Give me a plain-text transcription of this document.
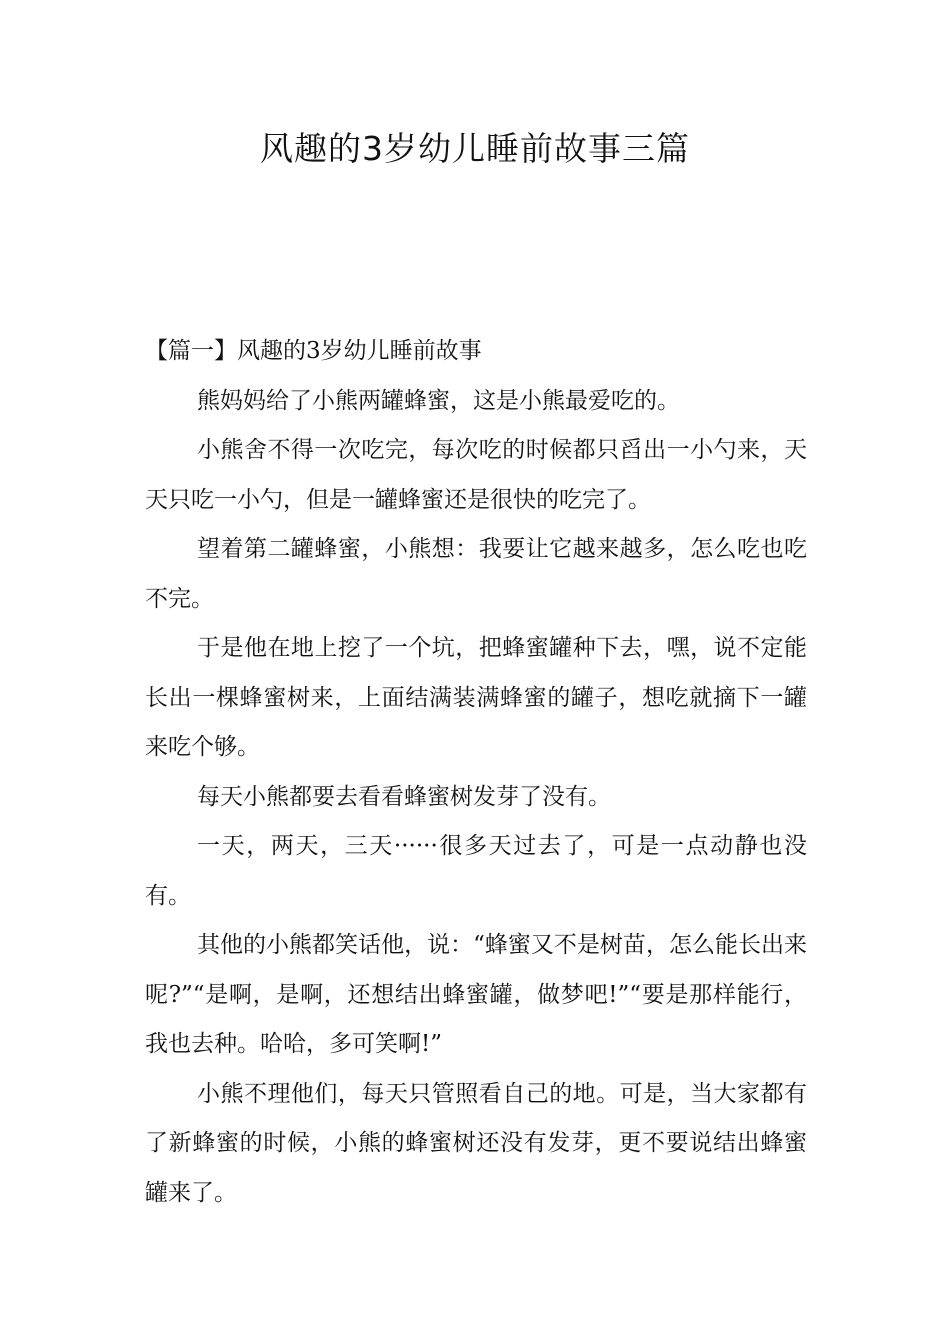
风趣的3岁幼儿睡前故事三篇
【篇一】风趣的3岁幼儿睡前故事

熊妈妈给了小熊两罐蜂蜜，这是小熊最爱吃的。

小熊舍不得一次吃完，每次吃的时候都只舀出一小勺来，天天只吃一小勺，但是一罐蜂蜜还是很快的吃完了。

望着第二罐蜂蜜，小熊想：我要让它越来越多，怎么吃也吃不完。

于是他在地上挖了一个坑，把蜂蜜罐种下去，嘿，说不定能长出一棵蜂蜜树来，上面结满装满蜂蜜的罐子，想吃就摘下一罐来吃个够。

每天小熊都要去看看蜂蜜树发芽了没有。

一天，两天，三天······很多天过去了，可是一点动静也没有。

其他的小熊都笑话他，说：“蜂蜜又不是树苗，怎么能长出来呢?”“是啊，是啊，还想结出蜂蜜罐，做梦吧!”“要是那样能行，我也去种。哈哈，多可笑啊!”

小熊不理他们，每天只管照看自己的地。可是，当大家都有了新蜂蜜的时候，小熊的蜂蜜树还没有发芽，更不要说结出蜂蜜罐来了。
